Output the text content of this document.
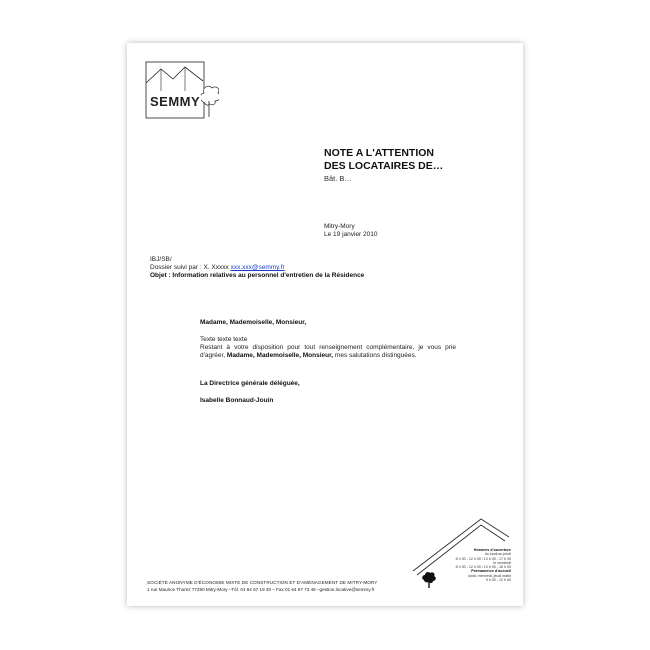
SEMMY
NOTE A L'ATTENTION
DES LOCATAIRES DE…
Bât. B…
Mitry-Mory
Le 19 janvier 2010
IBJ/SB/
Dossier suivi par : X. Xxxxx xxx.xxx@semmy.fr
Objet : Information relatives au personnel d'entretien de la Résidence

Madame, Mademoiselle, Monsieur,

Texte texte texte

Restant à votre disposition pour tout renseignement complémentaire, je vous prie d'agréer, Madame, Mademoiselle, Monsieur, mes salutations distinguées.

La Directrice générale déléguée,

Isabelle Bonnaud-Jouin

Horaires d'ouverture
du lundi au jeudi
8 h 30 - 12 h 00 / 13 h 30 - 17 h 30
le vendredi
8 h 30 - 12 h 00 / 13 h 00 - 16 h 00
Permanence d'accueil
lundi, mercredi, jeudi matin
9 h 00 - 12 h 00
SOCIÉTÉ ANONYME D'ÉCONOMIE MIXTE DE CONSTRUCTION ET D'AMÉNAGEMENT DE MITRY-MORY
1 rue Maurice Thorez 77290 Mitry-Mory –Tél. 01 64 67 19 30 – Fax 01 64 67 73 46 –gestion.locative@semmy.fr
